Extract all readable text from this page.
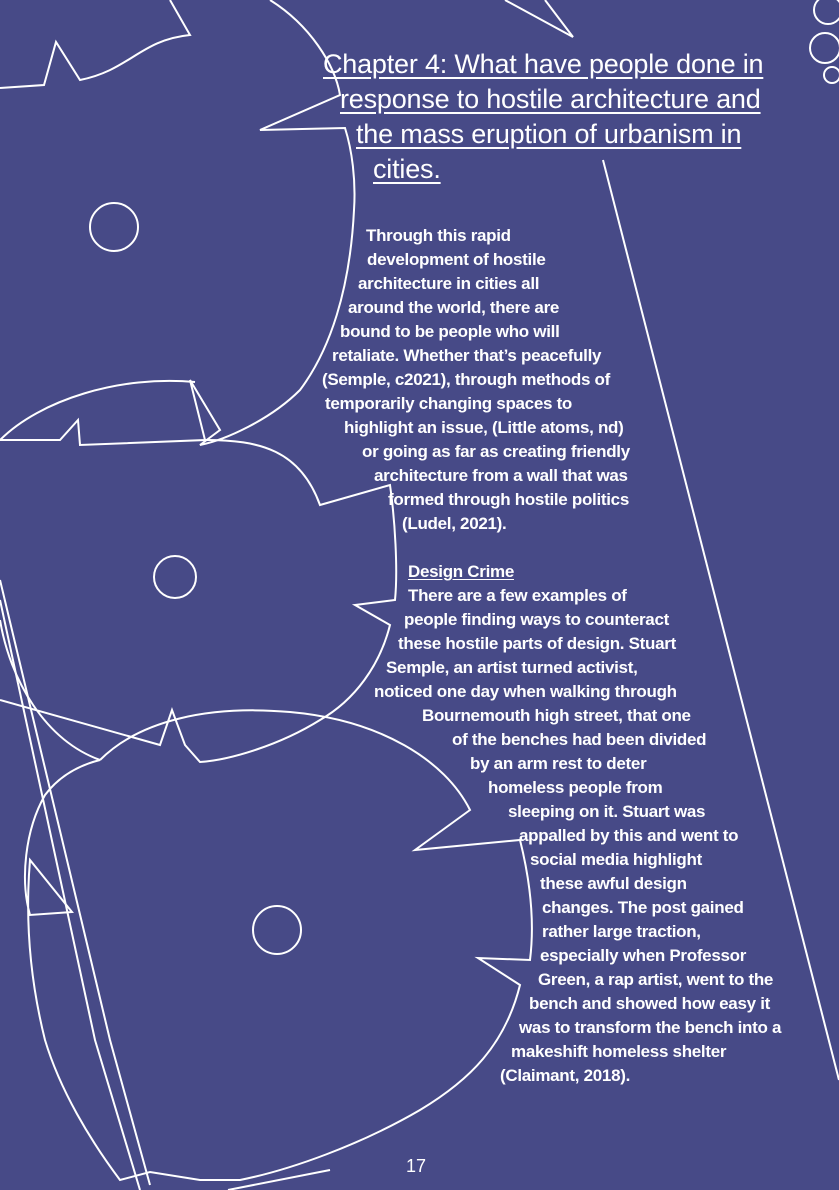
Chapter 4: What have people done in
response to hostile architecture and
the mass eruption of urbanism in
cities.
Through this rapid
development of hostile
architecture in cities all
around the world, there are
bound to be people who will
retaliate. Whether that’s peacefully
(Semple, c2021), through methods of
temporarily changing spaces to
highlight an issue, (Little atoms, nd)
or going as far as creating friendly
architecture from a wall that was
formed through hostile politics
(Ludel, 2021).
Design Crime
There are a few examples of
people finding ways to counteract
these hostile parts of design. Stuart
Semple, an artist turned activist,
noticed one day when walking through
Bournemouth high street, that one
of the benches had been divided
by an arm rest to deter
homeless people from
sleeping on it. Stuart was
appalled by this and went to
social media highlight
these awful design
changes. The post gained
rather large traction,
especially when Professor
Green, a rap artist, went to the
bench and showed how easy it
was to transform the bench into a
makeshift homeless shelter
(Claimant, 2018).
17
